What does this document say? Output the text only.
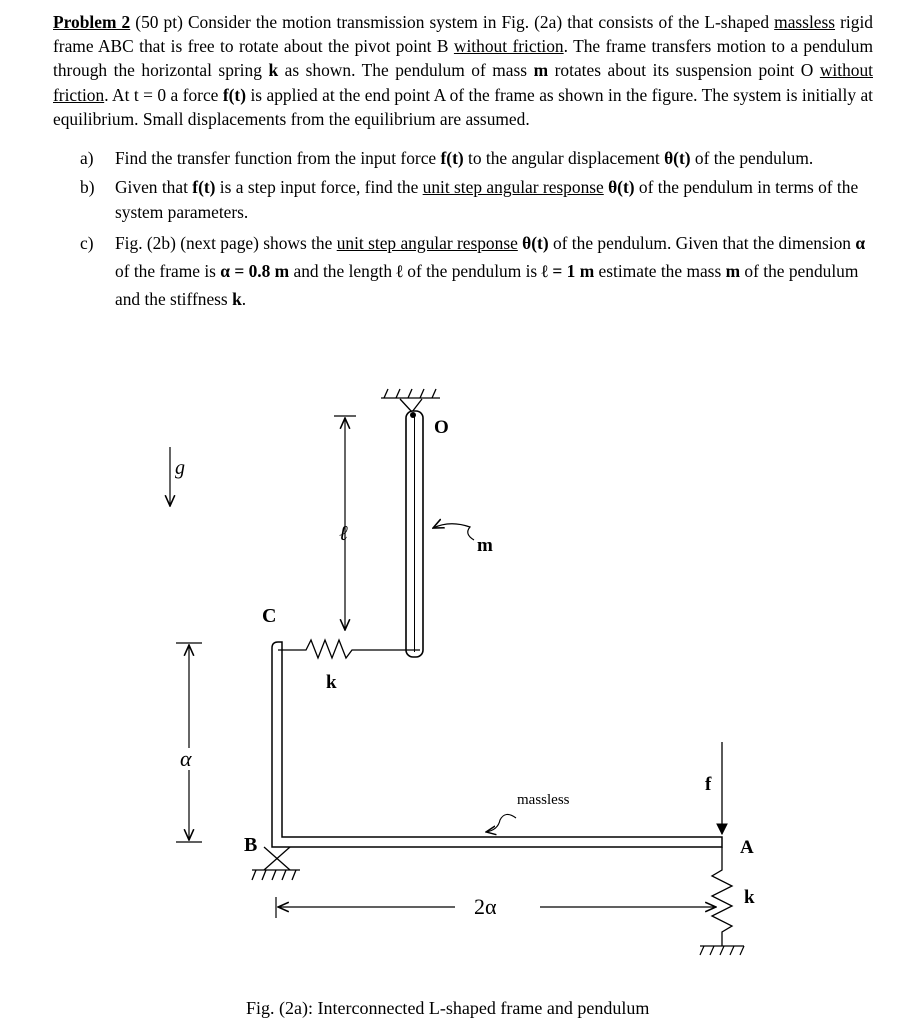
Problem 2 (50 pt) Consider the motion transmission system in Fig. (2a) that consists of the L-shaped massless rigid frame ABC that is free to rotate about the pivot point B without friction. The frame transfers motion to a pendulum through the horizontal spring k as shown. The pendulum of mass m rotates about its suspension point O without friction. At t = 0 a force f(t) is applied at the end point A of the frame as shown in the figure. The system is initially at equilibrium. Small displacements from the equilibrium are assumed.
a) Find the transfer function from the input force f(t) to the angular displacement θ(t) of the pendulum.
b) Given that f(t) is a step input force, find the unit step angular response θ(t) of the pendulum in terms of the system parameters.
c) Fig. (2b) (next page) shows the unit step angular response θ(t) of the pendulum. Given that the dimension α of the frame is α = 0.8 m and the length ℓ of the pendulum is ℓ = 1 m estimate the mass m of the pendulum and the stiffness k.
g
O
m
ℓ
C
k
massless
α
B
f
A
k
2α
Fig. (2a): Interconnected L-shaped frame and pendulum
